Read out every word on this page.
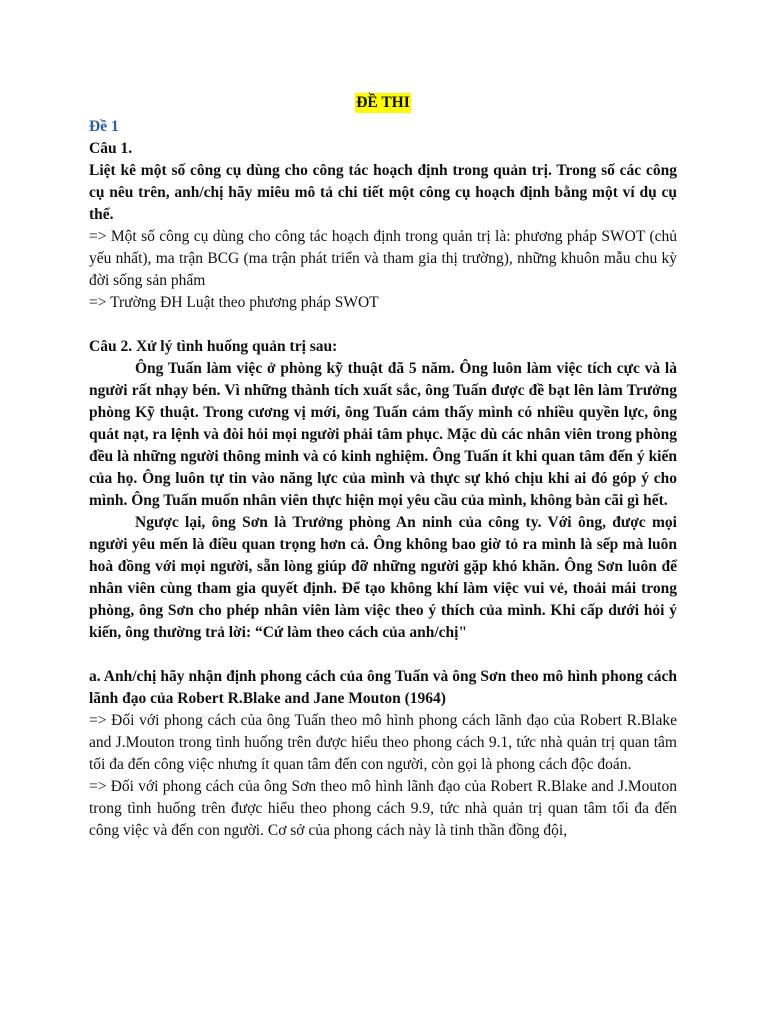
ĐỀ THI

Đề 1

Câu 1.

Liệt kê một số công cụ dùng cho công tác hoạch định trong quản trị. Trong số các công cụ nêu trên, anh/chị hãy miêu mô tả chi tiết một công cụ hoạch định bằng một ví dụ cụ thể.

=> Một số công cụ dùng cho công tác hoạch định trong quản trị là: phương pháp SWOT (chủ yếu nhất), ma trận BCG (ma trận phát triển và tham gia thị trường), những khuôn mẫu chu kỳ đời sống sản phẩm

=> Trường ĐH Luật theo phương pháp SWOT

Câu 2. Xử lý tình huống quản trị sau:

Ông Tuấn làm việc ở phòng kỹ thuật đã 5 năm. Ông luôn làm việc tích cực và là người rất nhạy bén. Vì những thành tích xuất sắc, ông Tuấn được đề bạt lên làm Trưởng phòng Kỹ thuật. Trong cương vị mới, ông Tuấn cảm thấy mình có nhiều quyền lực, ông quát nạt, ra lệnh và đòi hỏi mọi người phải tâm phục. Mặc dù các nhân viên trong phòng đều là những người thông minh và có kinh nghiệm. Ông Tuấn ít khi quan tâm đến ý kiến của họ. Ông luôn tự tin vào năng lực của mình và thực sự khó chịu khi ai đó góp ý cho mình. Ông Tuấn muốn nhân viên thực hiện mọi yêu cầu của mình, không bàn cãi gì hết.

Ngược lại, ông Sơn là Trưởng phòng An ninh của công ty. Với ông, được mọi người yêu mến là điều quan trọng hơn cả. Ông không bao giờ tỏ ra mình là sếp mà luôn hoà đồng với mọi người, sẵn lòng giúp đỡ những người gặp khó khăn. Ông Sơn luôn để nhân viên cùng tham gia quyết định. Để tạo không khí làm việc vui vẻ, thoải mái trong phòng, ông Sơn cho phép nhân viên làm việc theo ý thích của mình. Khi cấp dưới hỏi ý kiến, ông thường trả lời: “Cứ làm theo cách của anh/chị"

a. Anh/chị hãy nhận định phong cách của ông Tuấn và ông Sơn theo mô hình phong cách lãnh đạo của Robert R.Blake and Jane Mouton (1964)

=> Đối với phong cách của ông Tuấn theo mô hình phong cách lãnh đạo của Robert R.Blake and J.Mouton trong tình huống trên được hiểu theo phong cách 9.1, tức nhà quản trị quan tâm tối đa đến công việc nhưng ít quan tâm đến con người, còn gọi là phong cách độc đoán.

=> Đối với phong cách của ông Sơn theo mô hình lãnh đạo của Robert R.Blake and J.Mouton trong tình huống trên được hiểu theo phong cách 9.9, tức nhà quản trị quan tâm tối đa đến công việc và đến con người. Cơ sở của phong cách này là tinh thần đồng đội,
